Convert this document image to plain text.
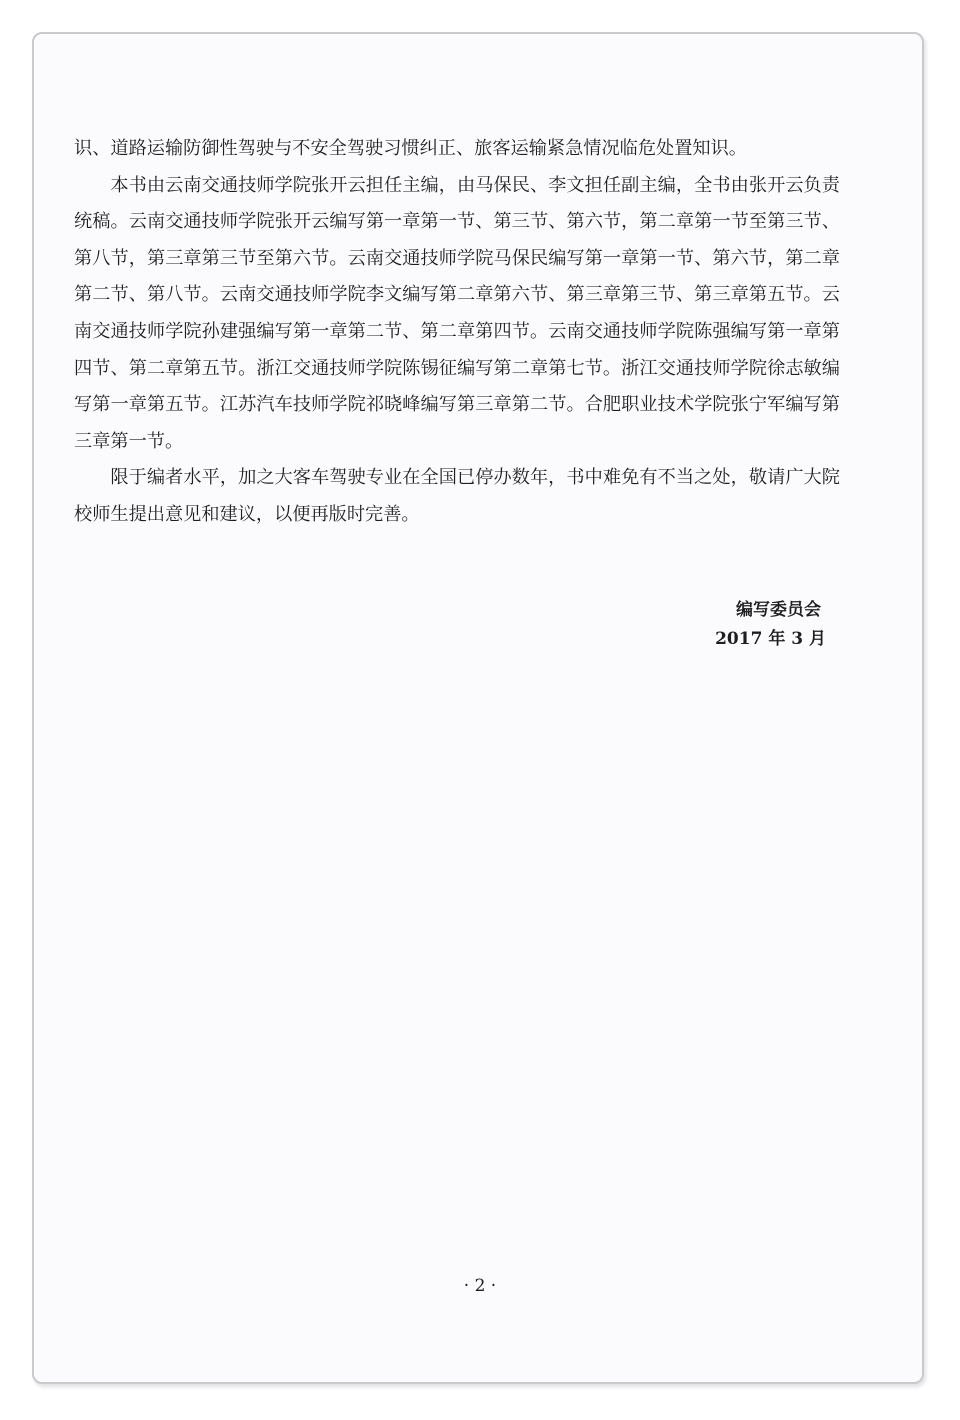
识、道路运输防御性驾驶与不安全驾驶习惯纠正、旅客运输紧急情况临危处置知识。

本书由云南交通技师学院张开云担任主编，由马保民、李文担任副主编，全书由张开云负责统稿。云南交通技师学院张开云编写第一章第一节、第三节、第六节，第二章第一节至第三节、第八节，第三章第三节至第六节。云南交通技师学院马保民编写第一章第一节、第六节，第二章第二节、第八节。云南交通技师学院李文编写第二章第六节、第三章第三节、第三章第五节。云南交通技师学院孙建强编写第一章第二节、第二章第四节。云南交通技师学院陈强编写第一章第四节、第二章第五节。浙江交通技师学院陈锡征编写第二章第七节。浙江交通技师学院徐志敏编写第一章第五节。江苏汽车技师学院祁晓峰编写第三章第二节。合肥职业技术学院张宁军编写第三章第一节。

限于编者水平，加之大客车驾驶专业在全国已停办数年，书中难免有不当之处，敬请广大院校师生提出意见和建议，以便再版时完善。

编写委员会
2017 年 3 月
· 2 ·
